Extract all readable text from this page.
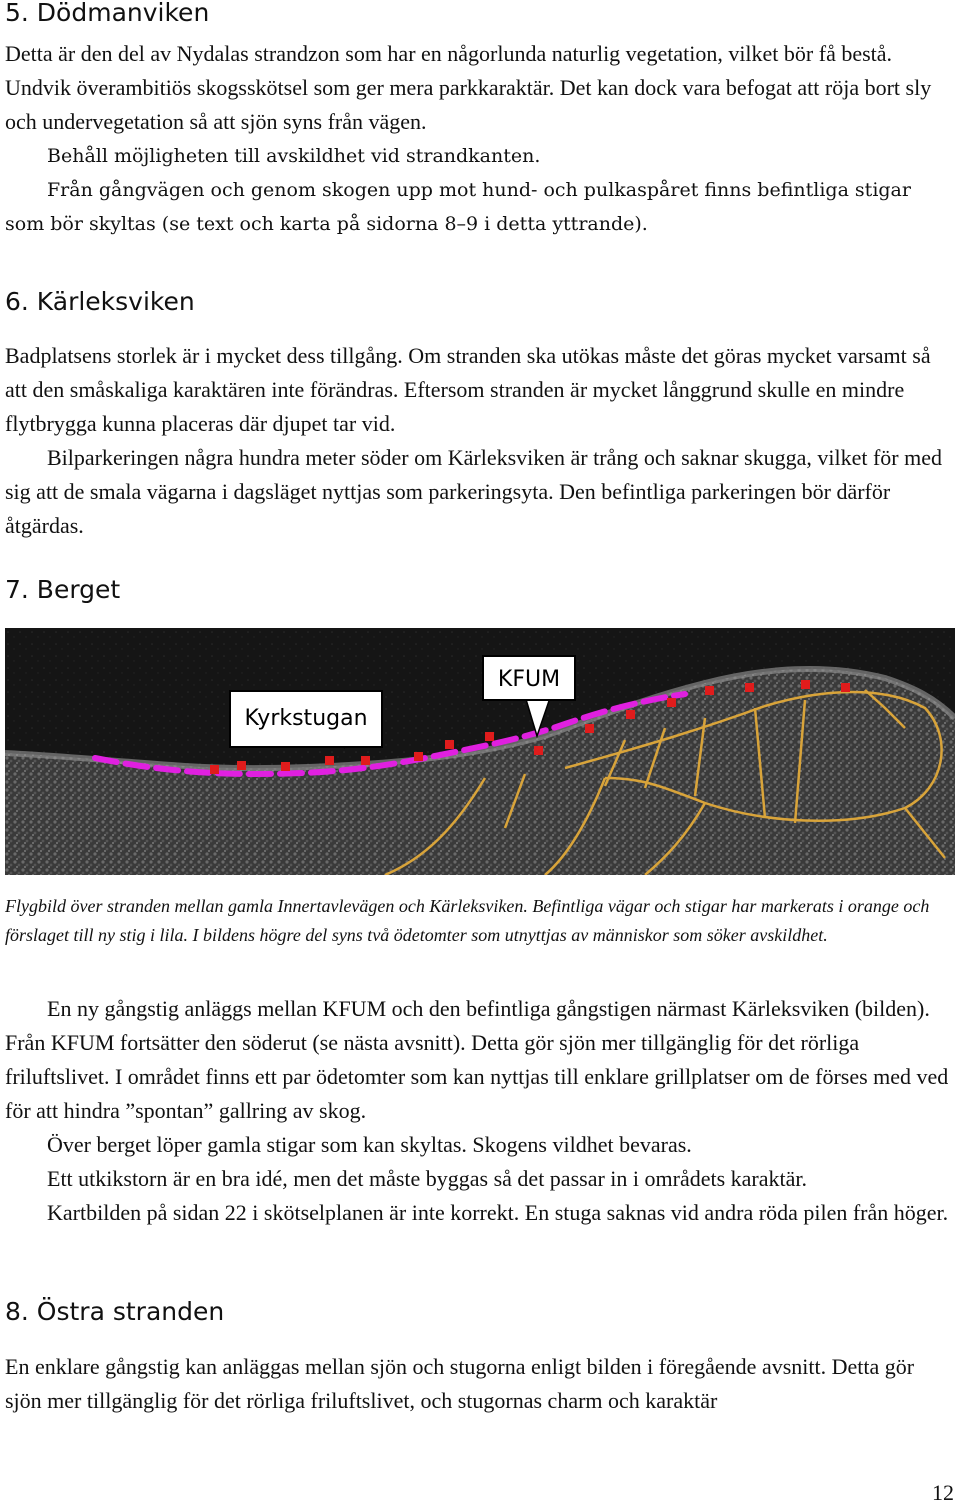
5. Dödmanviken

Detta är den del av Nydalas strandzon som har en någorlunda naturlig vegetation, vilket bör få bestå. Undvik överambitiös skogsskötsel som ger mera parkkaraktär. Det kan dock vara befogat att röja bort sly och undervegetation så att sjön syns från vägen.

Behåll möjligheten till avskildhet vid strandkanten.

Från gångvägen och genom skogen upp mot hund- och pulkaspåret finns befintliga stigar som bör skyltas (se text och karta på sidorna 8–9 i detta yttrande).

6. Kärleksviken

Badplatsens storlek är i mycket dess tillgång. Om stranden ska utökas måste det göras mycket varsamt så att den småskaliga karaktären inte förändras. Eftersom stranden är mycket långgrund skulle en mindre flytbrygga kunna placeras där djupet tar vid.

Bilparkeringen några hundra meter söder om Kärleksviken är trång och saknar skugga, vilket för med sig att de smala vägarna i dagsläget nyttjas som parkeringsyta. Den befintliga parkeringen bör därför åtgärdas.

7. Berget
Kyrkstugan
KFUM

Flygbild över stranden mellan gamla Innertavlevägen och Kärleksviken. Befintliga vägar och stigar har markerats i orange och förslaget till ny stig i lila. I bildens högre del syns två ödetomter som utnyttjas av människor som söker avskildhet.

En ny gångstig anläggs mellan KFUM och den befintliga gångstigen närmast Kärleksviken (bilden). Från KFUM fortsätter den söderut (se nästa avsnitt). Detta gör sjön mer tillgänglig för det rörliga friluftslivet. I området finns ett par ödetomter som kan nyttjas till enklare grillplatser om de förses med ved för att hindra ”spontan” gallring av skog.

Över berget löper gamla stigar som kan skyltas. Skogens vildhet bevaras.

Ett utkikstorn är en bra idé, men det måste byggas så det passar in i områdets karaktär.

Kartbilden på sidan 22 i skötselplanen är inte korrekt. En stuga saknas vid andra röda pilen från höger.

8. Östra stranden

En enklare gångstig kan anläggas mellan sjön och stugorna enligt bilden i föregående avsnitt. Detta gör sjön mer tillgänglig för det rörliga friluftslivet, och stugornas charm och karaktär

12
